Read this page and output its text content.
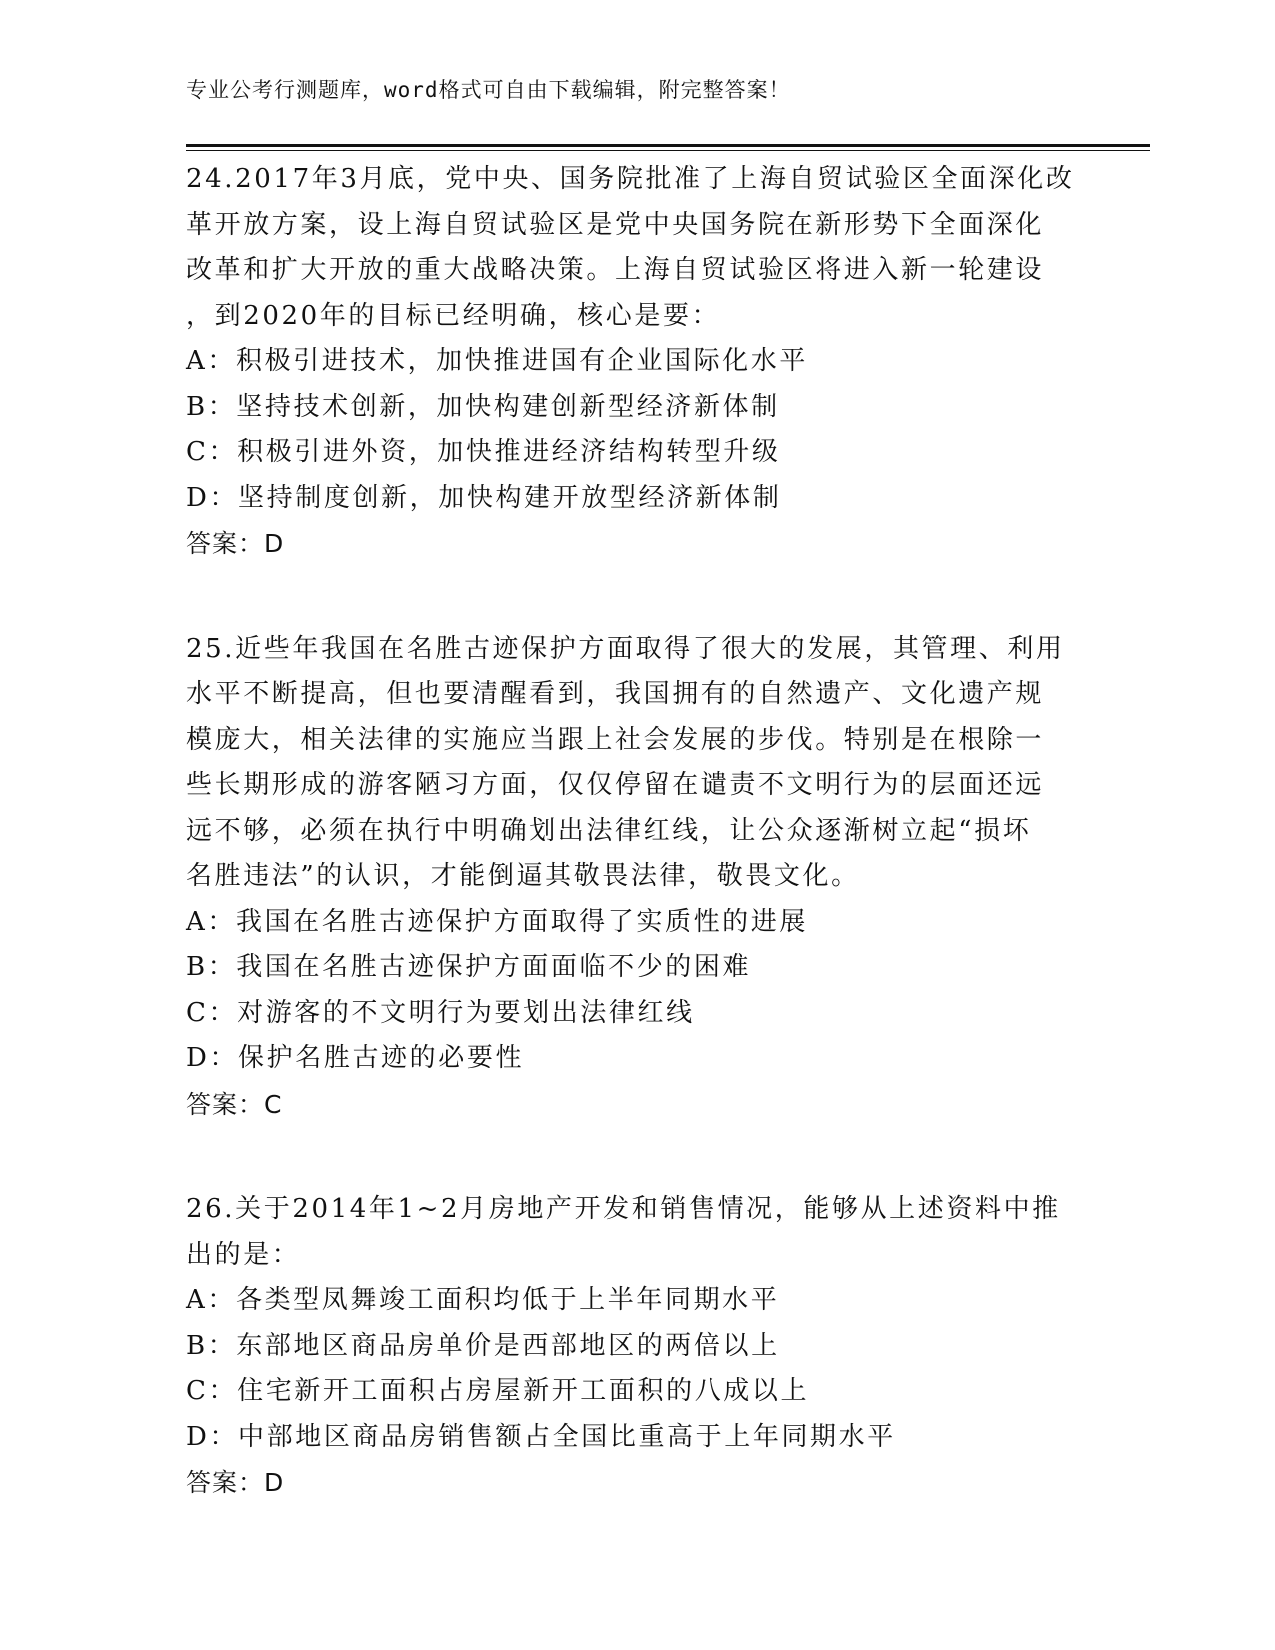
专业公考行测题库，word格式可自由下载编辑，附完整答案！
24.2017年3月底，党中央、国务院批准了上海自贸试验区全面深化改
革开放方案，设上海自贸试验区是党中央国务院在新形势下全面深化
改革和扩大开放的重大战略决策。上海自贸试验区将进入新一轮建设
，到2020年的目标已经明确，核心是要：
A：积极引进技术，加快推进国有企业国际化水平
B：坚持技术创新，加快构建创新型经济新体制
C：积极引进外资，加快推进经济结构转型升级
D：坚持制度创新，加快构建开放型经济新体制
答案：D
25.近些年我国在名胜古迹保护方面取得了很大的发展，其管理、利用
水平不断提高，但也要清醒看到，我国拥有的自然遗产、文化遗产规
模庞大，相关法律的实施应当跟上社会发展的步伐。特别是在根除一
些长期形成的游客陋习方面，仅仅停留在谴责不文明行为的层面还远
远不够，必须在执行中明确划出法律红线，让公众逐渐树立起“损坏
名胜违法”的认识，才能倒逼其敬畏法律，敬畏文化。
A：我国在名胜古迹保护方面取得了实质性的进展
B：我国在名胜古迹保护方面面临不少的困难
C：对游客的不文明行为要划出法律红线
D：保护名胜古迹的必要性
答案：C
26.关于2014年1~2月房地产开发和销售情况，能够从上述资料中推
出的是：
A：各类型凤舞竣工面积均低于上半年同期水平
B：东部地区商品房单价是西部地区的两倍以上
C：住宅新开工面积占房屋新开工面积的八成以上
D：中部地区商品房销售额占全国比重高于上年同期水平
答案：D
